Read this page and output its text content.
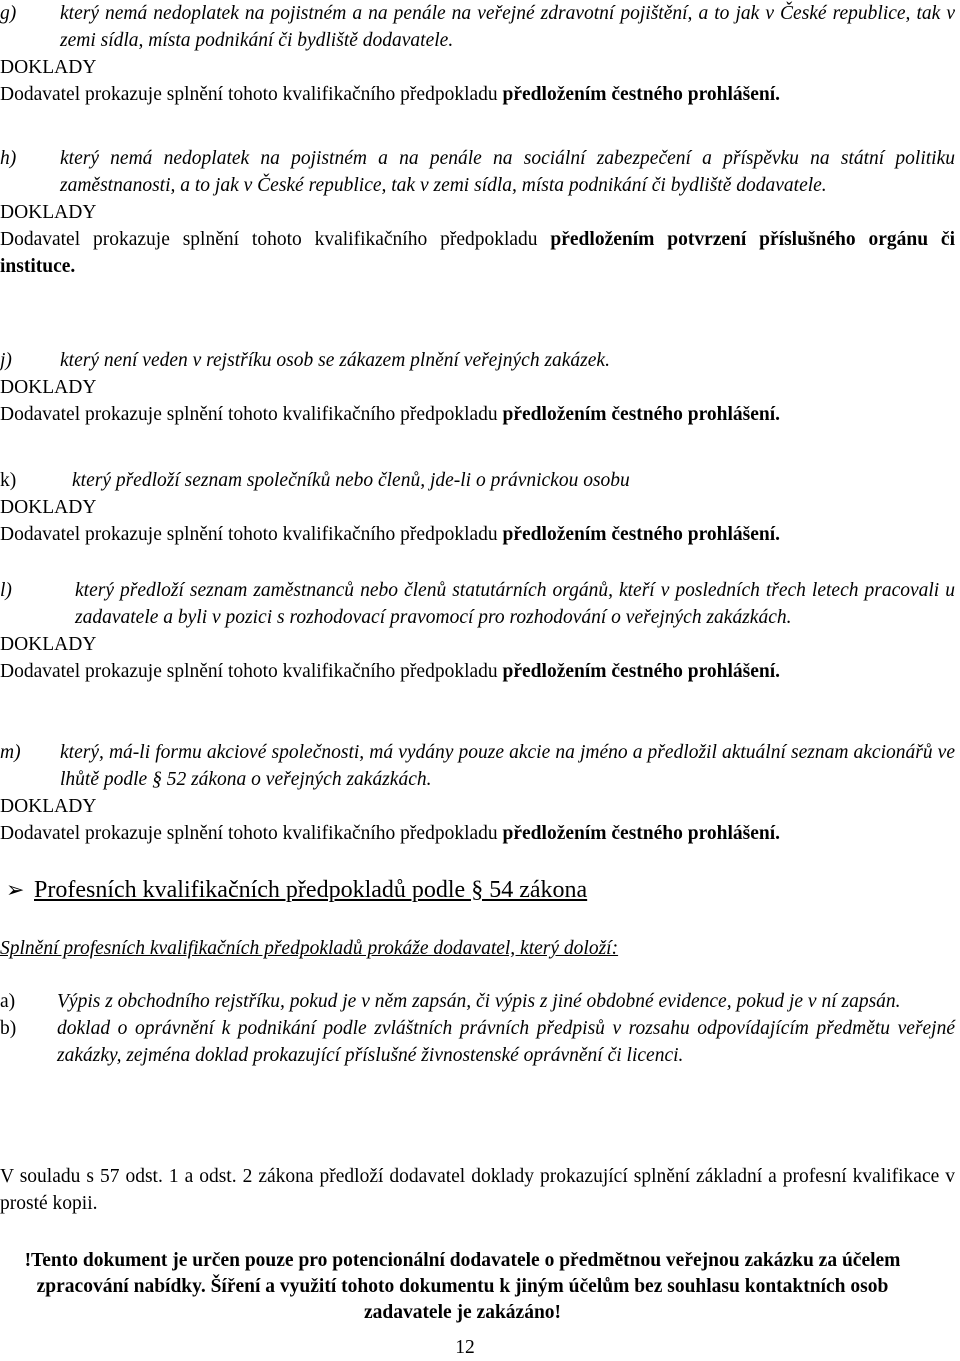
g)	který nemá nedoplatek na pojistném a na penále na veřejné zdravotní pojištění, a to jak v České republice, tak v zemi sídla, místa podnikání či bydliště dodavatele.
DOKLADY
Dodavatel prokazuje splnění tohoto kvalifikačního předpokladu předložením čestného prohlášení.
h)	který nemá nedoplatek na pojistném a na penále na sociální zabezpečení a příspěvku na státní politiku zaměstnanosti, a to jak v České republice, tak v zemi sídla, místa podnikání či bydliště dodavatele.
DOKLADY
Dodavatel prokazuje splnění tohoto kvalifikačního předpokladu předložením potvrzení příslušného orgánu či instituce.
j)	který není veden v rejstříku osob se zákazem plnění veřejných zakázek.
DOKLADY
Dodavatel prokazuje splnění tohoto kvalifikačního předpokladu předložením čestného prohlášení.
k)	který předloží seznam společníků nebo členů, jde-li o právnickou osobu
DOKLADY
Dodavatel prokazuje splnění tohoto kvalifikačního předpokladu předložením čestného prohlášení.
l)	který předloží seznam zaměstnanců nebo členů statutárních orgánů, kteří v posledních třech letech pracovali u zadavatele a byli v pozici s rozhodovací pravomocí pro rozhodování o veřejných zakázkách.
DOKLADY
Dodavatel prokazuje splnění tohoto kvalifikačního předpokladu předložením čestného prohlášení.
m)	který, má-li formu akciové společnosti, má vydány pouze akcie na jméno a předložil aktuální seznam akcionářů ve lhůtě podle § 52 zákona o veřejných zakázkách.
DOKLADY
Dodavatel prokazuje splnění tohoto kvalifikačního předpokladu předložením čestného prohlášení.
➢ Profesních kvalifikačních předpokladů podle § 54 zákona
Splnění profesních kvalifikačních předpokladů prokáže dodavatel, který doloží:
a)	Výpis z obchodního rejstříku, pokud je v něm zapsán, či výpis z jiné obdobné evidence, pokud je v ní zapsán.
b)	doklad o oprávnění k podnikání podle zvláštních právních předpisů v rozsahu odpovídajícím předmětu veřejné zakázky, zejména doklad prokazující příslušné živnostenské oprávnění či licenci.
V souladu s 57 odst. 1 a odst. 2 zákona předloží dodavatel doklady prokazující splnění základní a profesní kvalifikace v prosté kopii.
!Tento dokument je určen pouze pro potencionální dodavatele o předmětnou veřejnou zakázku za účelem zpracování nabídky. Šíření a využití tohoto dokumentu k jiným účelům bez souhlasu kontaktních osob zadavatele je zakázáno!
12
